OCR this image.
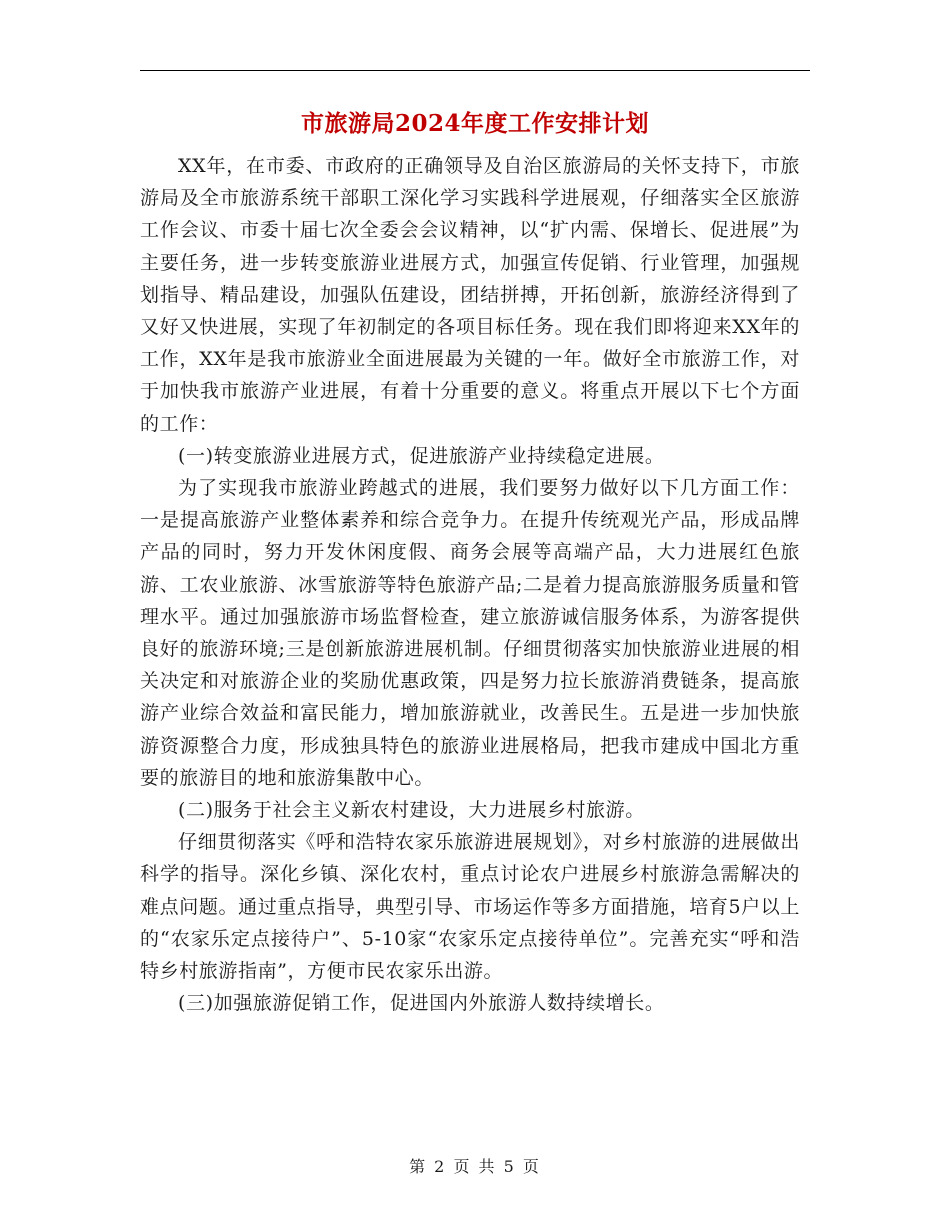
市旅游局2024年度工作安排计划

XX年，在市委、市政府的正确领导及自治区旅游局的关怀支持下，市旅游局及全市旅游系统干部职工深化学习实践科学进展观，仔细落实全区旅游工作会议、市委十届七次全委会会议精神，以“扩内需、保增长、促进展”为主要任务，进一步转变旅游业进展方式，加强宣传促销、行业管理，加强规划指导、精品建设，加强队伍建设，团结拼搏，开拓创新，旅游经济得到了又好又快进展，实现了年初制定的各项目标任务。现在我们即将迎来XX年的工作，XX年是我市旅游业全面进展最为关键的一年。做好全市旅游工作，对于加快我市旅游产业进展，有着十分重要的意义。将重点开展以下七个方面的工作：

(一)转变旅游业进展方式，促进旅游产业持续稳定进展。

为了实现我市旅游业跨越式的进展，我们要努力做好以下几方面工作：一是提高旅游产业整体素养和综合竞争力。在提升传统观光产品，形成品牌产品的同时，努力开发休闲度假、商务会展等高端产品，大力进展红色旅游、工农业旅游、冰雪旅游等特色旅游产品;二是着力提高旅游服务质量和管理水平。通过加强旅游市场监督检查，建立旅游诚信服务体系，为游客提供良好的旅游环境;三是创新旅游进展机制。仔细贯彻落实加快旅游业进展的相关决定和对旅游企业的奖励优惠政策，四是努力拉长旅游消费链条，提高旅游产业综合效益和富民能力，增加旅游就业，改善民生。五是进一步加快旅游资源整合力度，形成独具特色的旅游业进展格局，把我市建成中国北方重要的旅游目的地和旅游集散中心。

(二)服务于社会主义新农村建设，大力进展乡村旅游。

仔细贯彻落实《呼和浩特农家乐旅游进展规划》，对乡村旅游的进展做出科学的指导。深化乡镇、深化农村，重点讨论农户进展乡村旅游急需解决的难点问题。通过重点指导，典型引导、市场运作等多方面措施，培育5户以上的“农家乐定点接待户”、5-10家“农家乐定点接待单位”。完善充实“呼和浩特乡村旅游指南”，方便市民农家乐出游。

(三)加强旅游促销工作，促进国内外旅游人数持续增长。

第 2 页 共 5 页
